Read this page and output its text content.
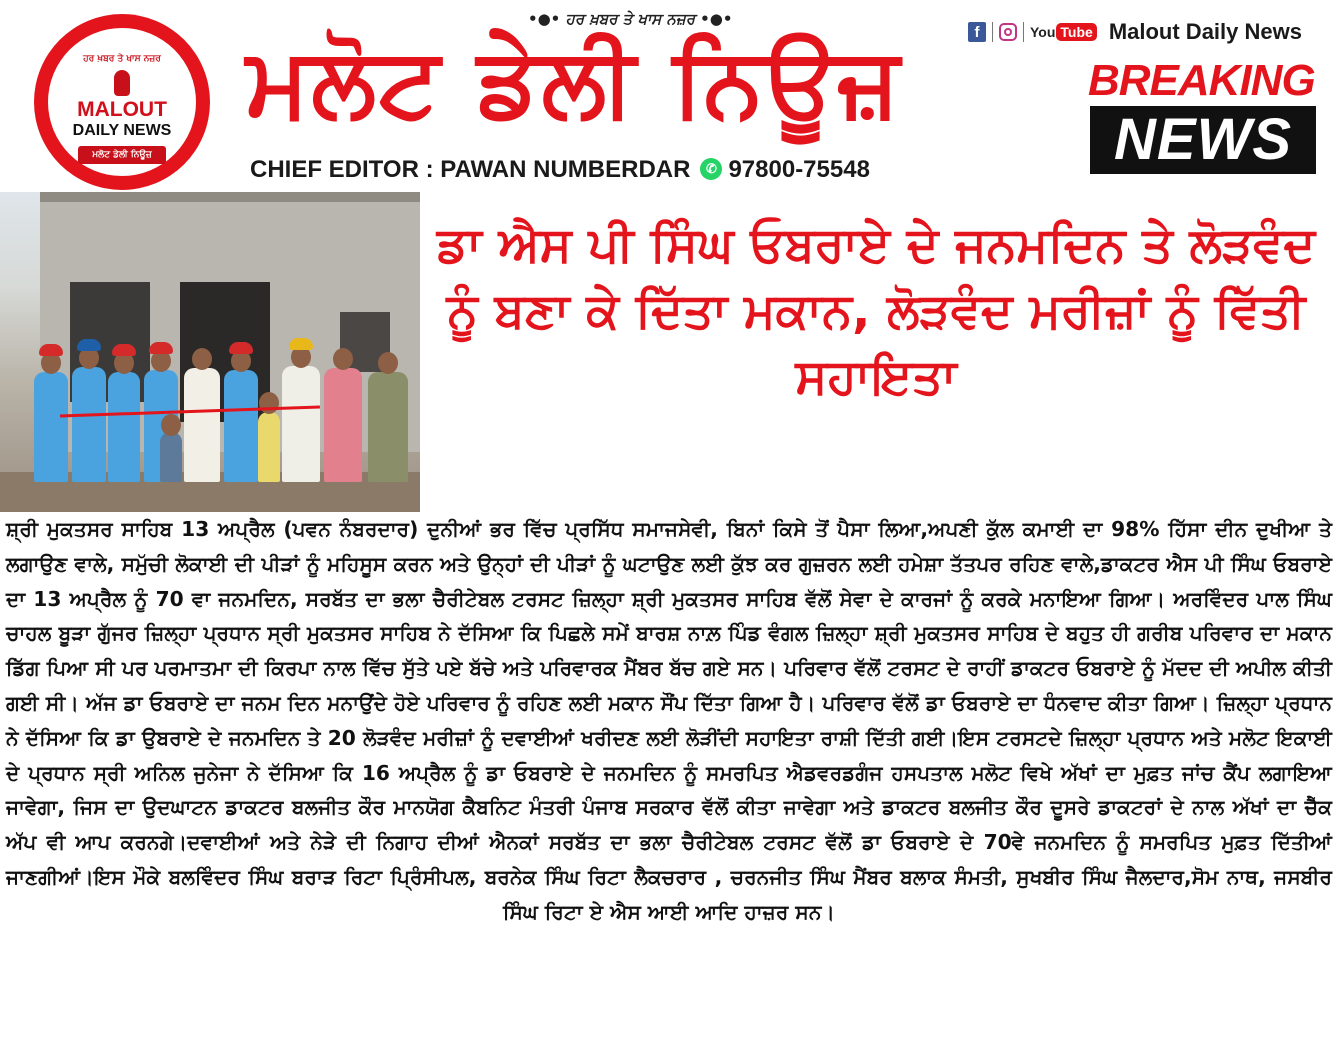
ਹਰ ਖ਼ਬਰ ਤੇ ਖਾਸ ਨਜ਼ਰ
MALOUT
DAILY NEWS
ਮਲੋਟ ਡੇਲੀ ਨਿਊਜ਼
•●• ਹਰ ਖ਼ਬਰ ਤੇ ਖਾਸ ਨਜ਼ਰ •●•
ਮਲੋਟ ਡੇਲੀ ਨਿਊਜ਼
CHIEF EDITOR : PAWAN NUMBERDAR ✆ 97800-75548
f	You Tube Malout Daily News
BREAKING
NEWS
ਡਾ ਐਸ ਪੀ ਸਿੰਘ ਓਬਰਾਏ ਦੇ ਜਨਮਦਿਨ ਤੇ ਲੋੜਵੰਦ ਨੂੰ ਬਣਾ ਕੇ ਦਿੱਤਾ ਮਕਾਨ, ਲੋੜਵੰਦ ਮਰੀਜ਼ਾਂ ਨੂੰ ਵਿੱਤੀ ਸਹਾਇਤਾ
ਸ਼੍ਰੀ ਮੁਕਤਸਰ ਸਾਹਿਬ 13 ਅਪ੍ਰੈਲ (ਪਵਨ ਨੰਬਰਦਾਰ) ਦੁਨੀਆਂ ਭਰ ਵਿੱਚ ਪ੍ਰਸਿੱਧ ਸਮਾਜਸੇਵੀ, ਬਿਨਾਂ ਕਿਸੇ ਤੋਂ ਪੈਸਾ ਲਿਆ,ਅਪਣੀ ਕੁੱਲ ਕਮਾਈ ਦਾ 98% ਹਿੱਸਾ ਦੀਨ ਦੁਖੀਆ ਤੇ ਲਗਾਉਣ ਵਾਲੇ, ਸਮੁੱਚੀ ਲੋਕਾਈ ਦੀ ਪੀੜਾਂ ਨੂੰ ਮਹਿਸੂਸ ਕਰਨ ਅਤੇ ਉਨ੍ਹਾਂ ਦੀ ਪੀੜਾਂ ਨੂੰ ਘਟਾਉਣ ਲਈ ਕੁੱਝ ਕਰ ਗੁਜ਼ਰਨ ਲਈ ਹਮੇਸ਼ਾ ਤੱਤਪਰ ਰਹਿਣ ਵਾਲੇ,ਡਾਕਟਰ ਐਸ ਪੀ ਸਿੰਘ ਓਬਰਾਏ ਦਾ 13 ਅਪ੍ਰੈਲ ਨੂੰ 70 ਵਾ ਜਨਮਦਿਨ, ਸਰਬੱਤ ਦਾ ਭਲਾ ਚੈਰੀਟੇਬਲ ਟਰਸਟ ਜ਼ਿਲ੍ਹਾ ਸ਼੍ਰੀ ਮੁਕਤਸਰ ਸਾਹਿਬ ਵੱਲੋਂ ਸੇਵਾ ਦੇ ਕਾਰਜਾਂ ਨੂੰ ਕਰਕੇ ਮਨਾਇਆ ਗਿਆ। ਅਰਵਿੰਦਰ ਪਾਲ ਸਿੰਘ ਚਾਹਲ ਬੂੜਾ ਗੁੱਜਰ ਜ਼ਿਲ੍ਹਾ ਪ੍ਰਧਾਨ ਸ੍ਰੀ ਮੁਕਤਸਰ ਸਾਹਿਬ ਨੇ ਦੱਸਿਆ ਕਿ ਪਿਛਲੇ ਸਮੇਂ ਬਾਰਸ਼ ਨਾਲ਼ ਪਿੰਡ ਵੰਗਲ ਜ਼ਿਲ੍ਹਾ ਸ਼੍ਰੀ ਮੁਕਤਸਰ ਸਾਹਿਬ ਦੇ ਬਹੁਤ ਹੀ ਗਰੀਬ ਪਰਿਵਾਰ ਦਾ ਮਕਾਨ ਡਿੱਗ ਪਿਆ ਸੀ ਪਰ ਪਰਮਾਤਮਾ ਦੀ ਕਿਰਪਾ ਨਾਲ ਵਿੱਚ ਸੁੱਤੇ ਪਏ ਬੱਚੇ ਅਤੇ ਪਰਿਵਾਰਕ ਮੈਂਬਰ ਬੱਚ ਗਏ ਸਨ। ਪਰਿਵਾਰ ਵੱਲੋਂ ਟਰਸਟ ਦੇ ਰਾਹੀਂ ਡਾਕਟਰ ਓਬਰਾਏ ਨੂੰ ਮੱਦਦ ਦੀ ਅਪੀਲ ਕੀਤੀ ਗਈ ਸੀ। ਅੱਜ ਡਾ ਓਬਰਾਏ ਦਾ ਜਨਮ ਦਿਨ ਮਨਾਉਂਦੇ ਹੋਏ ਪਰਿਵਾਰ ਨੂੰ ਰਹਿਣ ਲਈ ਮਕਾਨ ਸੌਂਪ ਦਿੱਤਾ ਗਿਆ ਹੈ। ਪਰਿਵਾਰ ਵੱਲੋਂ ਡਾ ਓਬਰਾਏ ਦਾ ਧੰਨਵਾਦ ਕੀਤਾ ਗਿਆ। ਜ਼ਿਲ੍ਹਾ ਪ੍ਰਧਾਨ ਨੇ ਦੱਸਿਆ ਕਿ ਡਾ ਉਬਰਾਏ ਦੇ ਜਨਮਦਿਨ ਤੇ 20 ਲੋੜਵੰਦ ਮਰੀਜ਼ਾਂ ਨੂੰ ਦਵਾਈਆਂ ਖਰੀਦਣ ਲਈ ਲੋੜੀਂਦੀ ਸਹਾਇਤਾ ਰਾਸ਼ੀ ਦਿੱਤੀ ਗਈ।ਇਸ ਟਰਸਟਦੇ ਜ਼ਿਲ੍ਹਾ ਪ੍ਰਧਾਨ ਅਤੇ ਮਲੋਟ ਇਕਾਈ ਦੇ ਪ੍ਰਧਾਨ ਸ੍ਰੀ ਅਨਿਲ ਜੁਨੇਜਾ ਨੇ ਦੱਸਿਆ ਕਿ 16 ਅਪ੍ਰੈਲ ਨੂੰ ਡਾ ਓਬਰਾਏ ਦੇ ਜਨਮਦਿਨ ਨੂੰ ਸਮਰਪਿਤ ਐਡਵਰਡਗੰਜ ਹਸਪਤਾਲ ਮਲੋਟ ਵਿਖੇ ਅੱਖਾਂ ਦਾ ਮੁਫ਼ਤ ਜਾਂਚ ਕੈਂਪ ਲਗਾਇਆ ਜਾਵੇਗਾ, ਜਿਸ ਦਾ ਉਦਘਾਟਨ ਡਾਕਟਰ ਬਲਜੀਤ ਕੌਰ ਮਾਨਯੋਗ ਕੈਬਨਿਟ ਮੰਤਰੀ ਪੰਜਾਬ ਸਰਕਾਰ ਵੱਲੋਂ ਕੀਤਾ ਜਾਵੇਗਾ ਅਤੇ ਡਾਕਟਰ ਬਲਜੀਤ ਕੌਰ ਦੂਸਰੇ ਡਾਕਟਰਾਂ ਦੇ ਨਾਲ ਅੱਖਾਂ ਦਾ ਚੈੱਕ ਅੱਪ ਵੀ ਆਪ ਕਰਨਗੇ।ਦਵਾਈਆਂ ਅਤੇ ਨੇੜੇ ਦੀ ਨਿਗਾਹ ਦੀਆਂ ਐਨਕਾਂ ਸਰਬੱਤ ਦਾ ਭਲਾ ਚੈਰੀਟੇਬਲ ਟਰਸਟ ਵੱਲੋਂ ਡਾ ਓਬਰਾਏ ਦੇ 70ਵੇ ਜਨਮਦਿਨ ਨੂੰ ਸਮਰਪਿਤ ਮੁਫ਼ਤ ਦਿੱਤੀਆਂ ਜਾਣਗੀਆਂ।ਇਸ ਮੌਕੇ ਬਲਵਿੰਦਰ ਸਿੰਘ ਬਰਾੜ ਰਿਟਾ ਪ੍ਰਿੰਸੀਪਲ, ਬਰਨੇਕ ਸਿੰਘ ਰਿਟਾ ਲੈਕਚਰਾਰ , ਚਰਨਜੀਤ ਸਿੰਘ ਮੈਂਬਰ ਬਲਾਕ ਸੰਮਤੀ, ਸੁਖਬੀਰ ਸਿੰਘ ਜੈਲਦਾਰ,ਸੋਮ ਨਾਥ, ਜਸਬੀਰ ਸਿੰਘ ਰਿਟਾ ਏ ਐਸ ਆਈ ਆਦਿ ਹਾਜ਼ਰ ਸਨ।
